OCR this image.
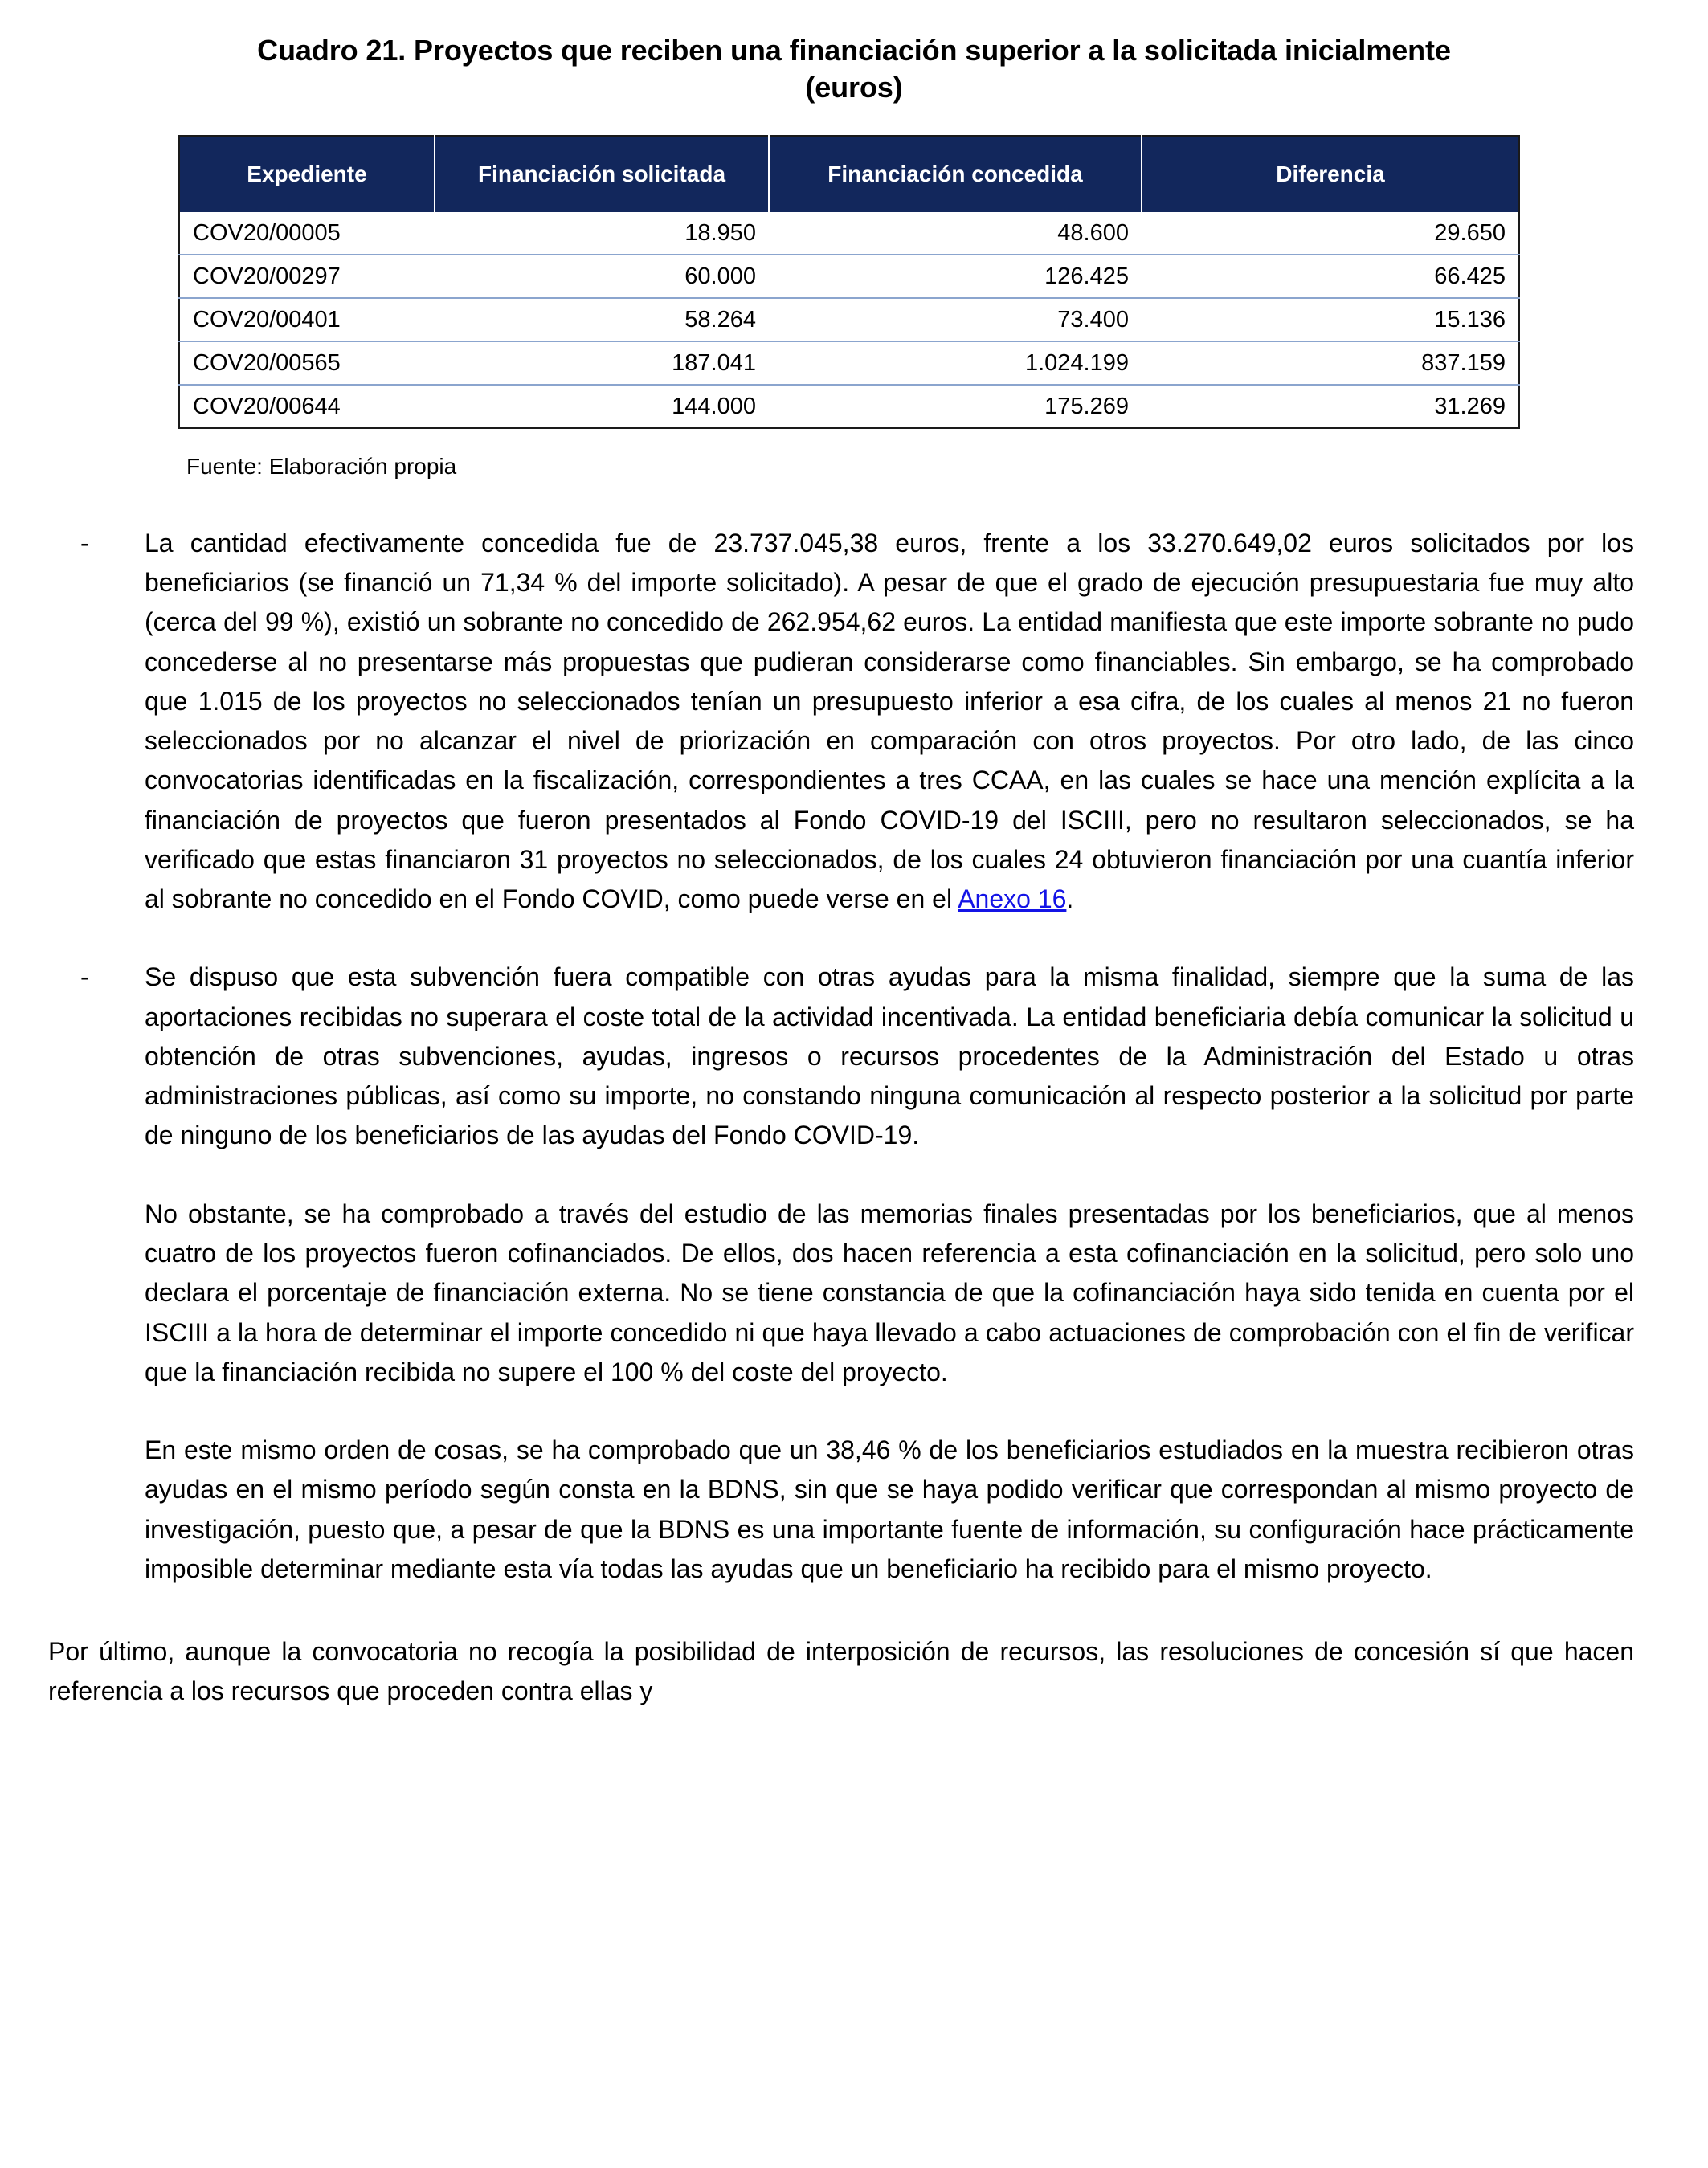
Cuadro 21. Proyectos que reciben una financiación superior a la solicitada inicialmente
(euros)
Expediente	Financiación solicitada	Financiación concedida	Diferencia
COV20/00005	18.950	48.600	29.650
COV20/00297	60.000	126.425	66.425
COV20/00401	58.264	73.400	15.136
COV20/00565	187.041	1.024.199	837.159
COV20/00644	144.000	175.269	31.269

Fuente: Elaboración propia

-	La cantidad efectivamente concedida fue de 23.737.045,38 euros, frente a los 33.270.649,02 euros solicitados por los beneficiarios (se financió un 71,34 % del importe solicitado). A pesar de que el grado de ejecución presupuestaria fue muy alto (cerca del 99 %), existió un sobrante no concedido de 262.954,62 euros. La entidad manifiesta que este importe sobrante no pudo concederse al no presentarse más propuestas que pudieran considerarse como financiables. Sin embargo, se ha comprobado que 1.015 de los proyectos no seleccionados tenían un presupuesto inferior a esa cifra, de los cuales al menos 21 no fueron seleccionados por no alcanzar el nivel de priorización en comparación con otros proyectos. Por otro lado, de las cinco convocatorias identificadas en la fiscalización, correspondientes a tres CCAA, en las cuales se hace una mención explícita a la financiación de proyectos que fueron presentados al Fondo COVID-19 del ISCIII, pero no resultaron seleccionados, se ha verificado que estas financiaron 31 proyectos no seleccionados, de los cuales 24 obtuvieron financiación por una cuantía inferior al sobrante no concedido en el Fondo COVID, como puede verse en el Anexo 16.

-	Se dispuso que esta subvención fuera compatible con otras ayudas para la misma finalidad, siempre que la suma de las aportaciones recibidas no superara el coste total de la actividad incentivada. La entidad beneficiaria debía comunicar la solicitud u obtención de otras subvenciones, ayudas, ingresos o recursos procedentes de la Administración del Estado u otras administraciones públicas, así como su importe, no constando ninguna comunicación al respecto posterior a la solicitud por parte de ninguno de los beneficiarios de las ayudas del Fondo COVID-19.

No obstante, se ha comprobado a través del estudio de las memorias finales presentadas por los beneficiarios, que al menos cuatro de los proyectos fueron cofinanciados. De ellos, dos hacen referencia a esta cofinanciación en la solicitud, pero solo uno declara el porcentaje de financiación externa. No se tiene constancia de que la cofinanciación haya sido tenida en cuenta por el ISCIII a la hora de determinar el importe concedido ni que haya llevado a cabo actuaciones de comprobación con el fin de verificar que la financiación recibida no supere el 100 % del coste del proyecto.

En este mismo orden de cosas, se ha comprobado que un 38,46 % de los beneficiarios estudiados en la muestra recibieron otras ayudas en el mismo período según consta en la BDNS, sin que se haya podido verificar que correspondan al mismo proyecto de investigación, puesto que, a pesar de que la BDNS es una importante fuente de información, su configuración hace prácticamente imposible determinar mediante esta vía todas las ayudas que un beneficiario ha recibido para el mismo proyecto.

Por último, aunque la convocatoria no recogía la posibilidad de interposición de recursos, las resoluciones de concesión sí que hacen referencia a los recursos que proceden contra ellas y
